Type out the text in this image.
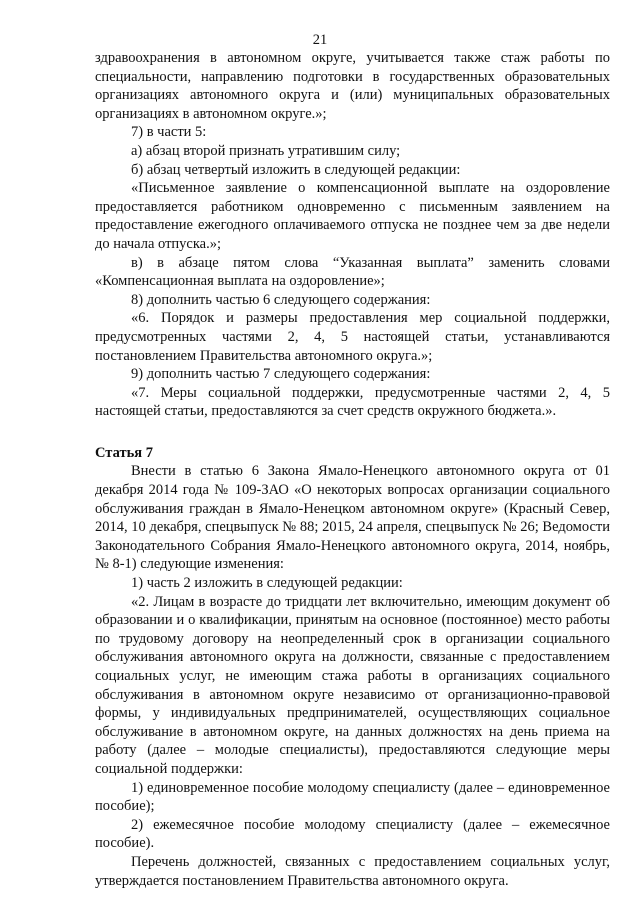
21

здравоохранения в автономном округе, учитывается также стаж работы по специальности, направлению подготовки в государственных образовательных организациях автономного округа и (или) муниципальных образовательных организациях в автономном округе.»;

7) в части 5:

а) абзац второй признать утратившим силу;

б) абзац четвертый изложить в следующей редакции:

«Письменное заявление о компенсационной выплате на оздоровление предоставляется работником одновременно с письменным заявлением на предоставление ежегодного оплачиваемого отпуска не позднее чем за две недели до начала отпуска.»;

в) в абзаце пятом слова “Указанная выплата” заменить словами «Компенсационная выплата на оздоровление»;

8) дополнить частью 6 следующего содержания:

«6. Порядок и размеры предоставления мер социальной поддержки, предусмотренных частями 2, 4, 5 настоящей статьи, устанавливаются постановлением Правительства автономного округа.»;

9) дополнить частью 7 следующего содержания:

«7. Меры социальной поддержки, предусмотренные частями 2, 4, 5 настоящей статьи, предоставляются за счет средств окружного бюджета.».

Статья 7

Внести в статью 6 Закона Ямало-Ненецкого автономного округа от 01 декабря 2014 года № 109-ЗАО «О некоторых вопросах организации социального обслуживания граждан в Ямало-Ненецком автономном округе» (Красный Север, 2014, 10 декабря, спецвыпуск № 88; 2015, 24 апреля, спецвыпуск № 26; Ведомости Законодательного Собрания Ямало-Ненецкого автономного округа, 2014, ноябрь, № 8-1) следующие изменения:

1) часть 2 изложить в следующей редакции:

«2. Лицам в возрасте до тридцати лет включительно, имеющим документ об образовании и о квалификации, принятым на основное (постоянное) место работы по трудовому договору на неопределенный срок в организации социального обслуживания автономного округа на должности, связанные с предоставлением социальных услуг, не имеющим стажа работы в организациях социального обслуживания в автономном округе независимо от организационно-правовой формы, у индивидуальных предпринимателей, осуществляющих социальное обслуживание в автономном округе, на данных должностях на день приема на работу (далее – молодые специалисты), предоставляются следующие меры социальной поддержки:

1) единовременное пособие молодому специалисту (далее – единовременное пособие);

2) ежемесячное пособие молодому специалисту (далее – ежемесячное пособие).

Перечень должностей, связанных с предоставлением социальных услуг, утверждается постановлением Правительства автономного округа.
